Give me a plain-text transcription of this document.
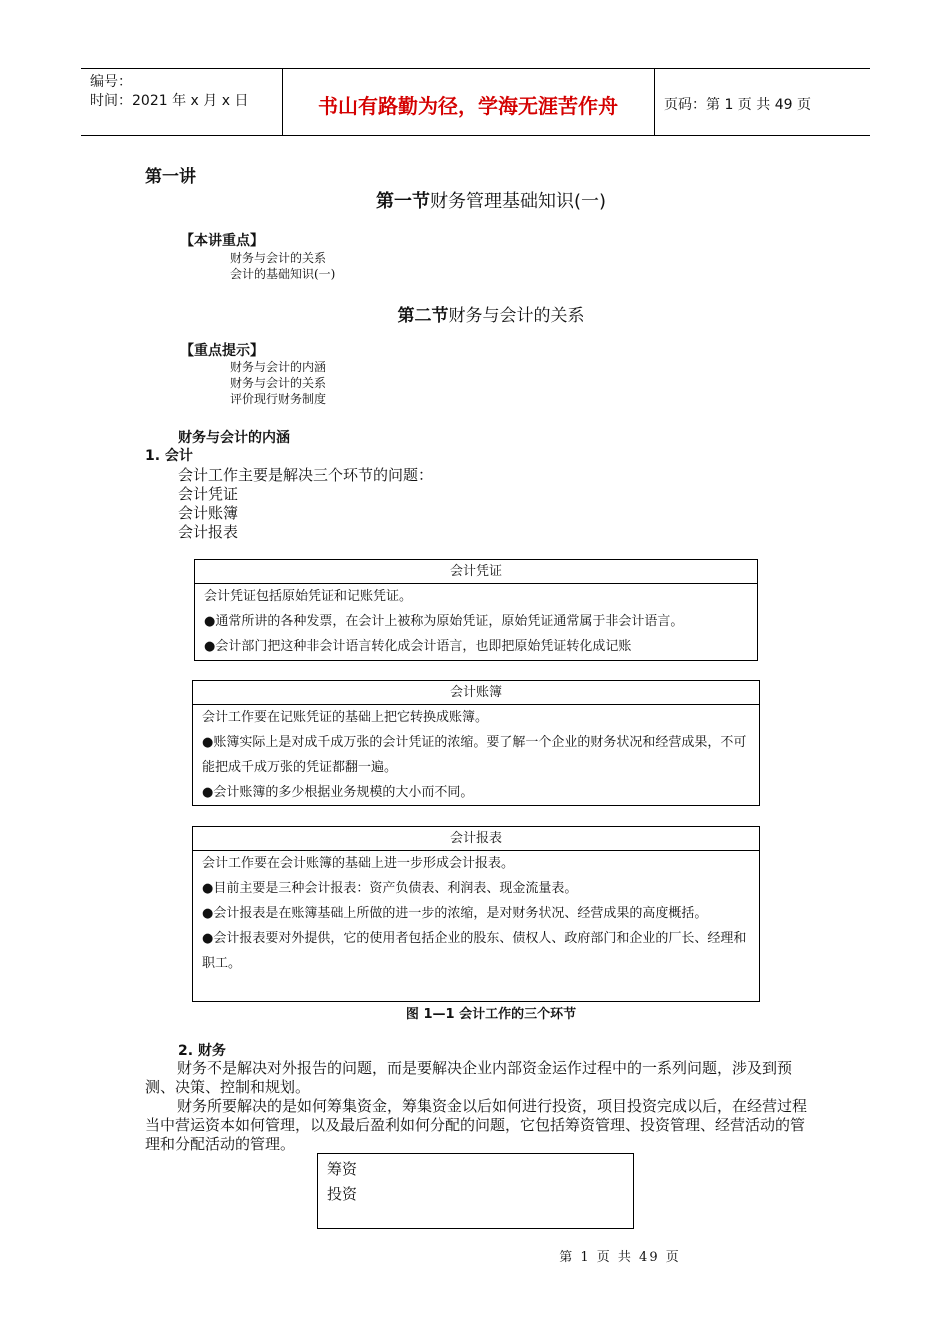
编号：
时间：2021 年 x 月 x 日	书山有路勤为径，学海无涯苦作舟	页码：第 1 页 共 49 页
第一讲
第一节财务管理基础知识(一)
【本讲重点】
财务与会计的关系
会计的基础知识(一)
第二节财务与会计的关系
【重点提示】
财务与会计的内涵
财务与会计的关系
评价现行财务制度
财务与会计的内涵
1. 会计
会计工作主要是解决三个环节的问题：
会计凭证
会计账簿
会计报表
会计凭证
会计凭证包括原始凭证和记账凭证。
●通常所讲的各种发票，在会计上被称为原始凭证，原始凭证通常属于非会计语言。
●会计部门把这种非会计语言转化成会计语言，也即把原始凭证转化成记账
会计账簿
会计工作要在记账凭证的基础上把它转换成账簿。
●账簿实际上是对成千成万张的会计凭证的浓缩。要了解一个企业的财务状况和经营成果，不可能把成千成万张的凭证都翻一遍。
●会计账簿的多少根据业务规模的大小而不同。
会计报表
会计工作要在会计账簿的基础上进一步形成会计报表。
●目前主要是三种会计报表：资产负债表、利润表、现金流量表。
●会计报表是在账簿基础上所做的进一步的浓缩，是对财务状况、经营成果的高度概括。
●会计报表要对外提供，它的使用者包括企业的股东、债权人、政府部门和企业的厂长、经理和职工。
图 1—1 会计工作的三个环节
2. 财务
财务不是解决对外报告的问题，而是要解决企业内部资金运作过程中的一系列问题，涉及到预测、决策、控制和规划。
财务所要解决的是如何筹集资金，筹集资金以后如何进行投资，项目投资完成以后，在经营过程当中营运资本如何管理，以及最后盈利如何分配的问题，它包括筹资管理、投资管理、经营活动的管理和分配活动的管理。
筹资
投资
第 1 页 共 49 页
